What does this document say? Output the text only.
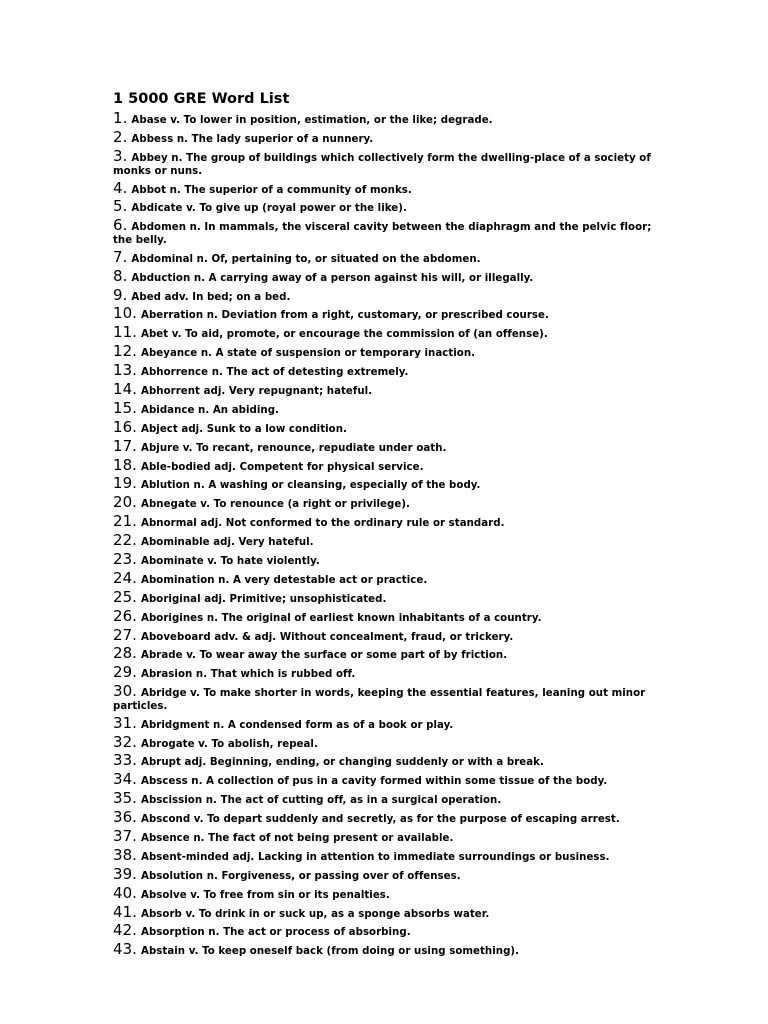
1 5000 GRE Word List
1. Abase v. To lower in position, estimation, or the like; degrade.
2. Abbess n. The lady superior of a nunnery.
3. Abbey n. The group of buildings which collectively form the dwelling-place of a society of monks or nuns.
4. Abbot n. The superior of a community of monks.
5. Abdicate v. To give up (royal power or the like).
6. Abdomen n. In mammals, the visceral cavity between the diaphragm and the pelvic floor; the belly.
7. Abdominal n. Of, pertaining to, or situated on the abdomen.
8. Abduction n. A carrying away of a person against his will, or illegally.
9. Abed adv. In bed; on a bed.
10. Aberration n. Deviation from a right, customary, or prescribed course.
11. Abet v. To aid, promote, or encourage the commission of (an offense).
12. Abeyance n. A state of suspension or temporary inaction.
13. Abhorrence n. The act of detesting extremely.
14. Abhorrent adj. Very repugnant; hateful.
15. Abidance n. An abiding.
16. Abject adj. Sunk to a low condition.
17. Abjure v. To recant, renounce, repudiate under oath.
18. Able-bodied adj. Competent for physical service.
19. Ablution n. A washing or cleansing, especially of the body.
20. Abnegate v. To renounce (a right or privilege).
21. Abnormal adj. Not conformed to the ordinary rule or standard.
22. Abominable adj. Very hateful.
23. Abominate v. To hate violently.
24. Abomination n. A very detestable act or practice.
25. Aboriginal adj. Primitive; unsophisticated.
26. Aborigines n. The original of earliest known inhabitants of a country.
27. Aboveboard adv. & adj. Without concealment, fraud, or trickery.
28. Abrade v. To wear away the surface or some part of by friction.
29. Abrasion n. That which is rubbed off.
30. Abridge v. To make shorter in words, keeping the essential features, leaning out minor particles.
31. Abridgment n. A condensed form as of a book or play.
32. Abrogate v. To abolish, repeal.
33. Abrupt adj. Beginning, ending, or changing suddenly or with a break.
34. Abscess n. A collection of pus in a cavity formed within some tissue of the body.
35. Abscission n. The act of cutting off, as in a surgical operation.
36. Abscond v. To depart suddenly and secretly, as for the purpose of escaping arrest.
37. Absence n. The fact of not being present or available.
38. Absent-minded adj. Lacking in attention to immediate surroundings or business.
39. Absolution n. Forgiveness, or passing over of offenses.
40. Absolve v. To free from sin or its penalties.
41. Absorb v. To drink in or suck up, as a sponge absorbs water.
42. Absorption n. The act or process of absorbing.
43. Abstain v. To keep oneself back (from doing or using something).
